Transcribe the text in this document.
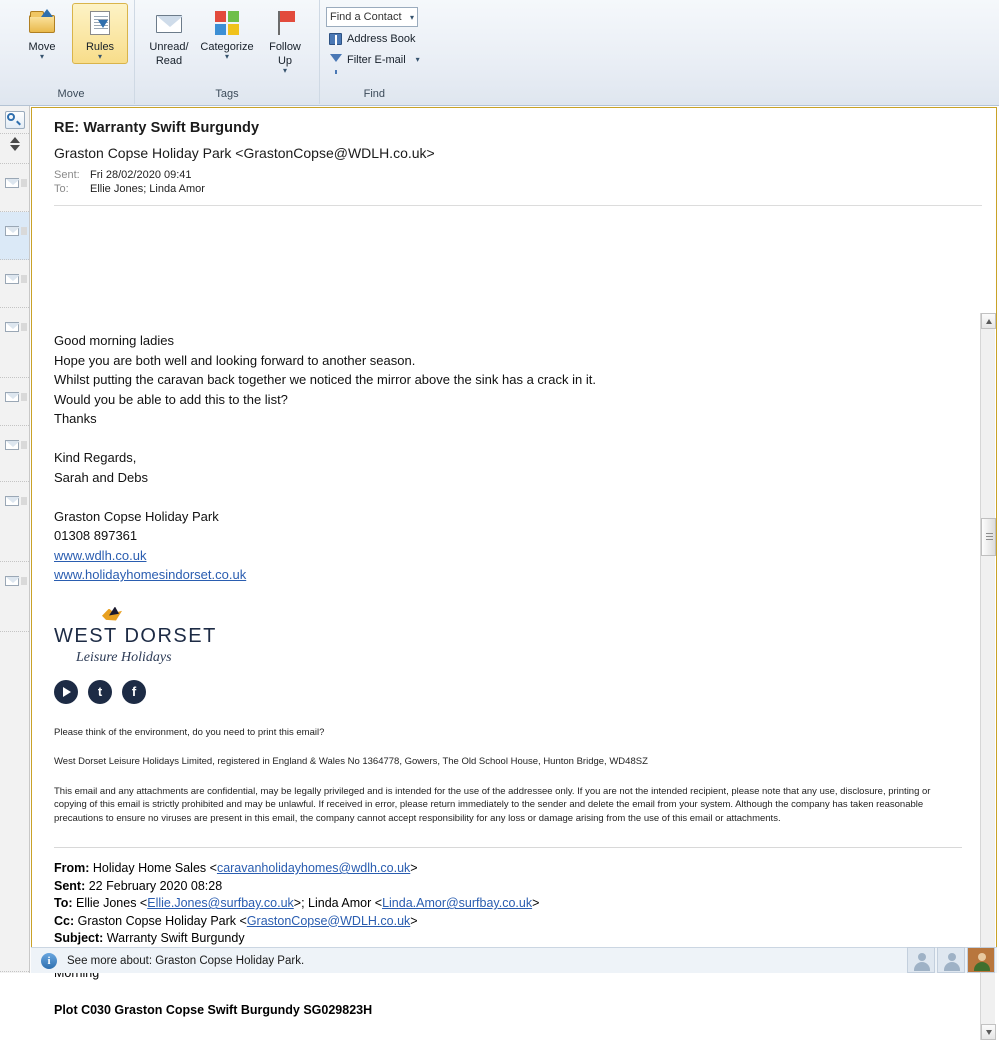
Move
▾
Rules
▾
Move
Unread/
Read
Categorize
▾
Follow
Up
▾
Tags
Find a Contact ▾
Address Book
Filter E-mail	▾
Find
RE: Warranty Swift Burgundy
Graston Copse Holiday Park <GrastonCopse@WDLH.co.uk>
Sent: Fri 28/02/2020 09:41
To:	Ellie Jones; Linda Amor

Good morning ladies

Hope you are both well and looking forward to another season.

Whilst putting the caravan back together we noticed the mirror above the sink has a crack in it.

Would you be able to add this to the list?

Thanks

Kind Regards,

Sarah and Debs

Graston Copse Holiday Park

01308 897361

www.wdlh.co.uk

www.holidayhomesindorset.co.uk

WEST DORSET
Leisure Holidays
t	f
Please think of the environment, do you need to print this email?
West Dorset Leisure Holidays Limited, registered in England & Wales No 1364778, Gowers, The Old School House, Hunton Bridge, WD48SZ
This email and any attachments are confidential, may be legally privileged and is intended for the use of the addressee only. If you are not the intended recipient, please note that any use, disclosure, printing or copying of this email is strictly prohibited and may be unlawful. If received in error, please return immediately to the sender and delete the email from your system. Although the company has taken reasonable precautions to ensure no viruses are present in this email, the company cannot accept responsibility for any loss or damage arising from the use of this email or attachments.
From: Holiday Home Sales <caravanholidayhomes@wdlh.co.uk>
Sent: 22 February 2020 08:28
To: Ellie Jones <Ellie.Jones@surfbay.co.uk>; Linda Amor <Linda.Amor@surfbay.co.uk>
Cc: Graston Copse Holiday Park <GrastonCopse@WDLH.co.uk>
Subject: Warranty Swift Burgundy
Plot C030 Graston Copse Swift Burgundy SG029823H
i	See more about: Graston Copse Holiday Park.
